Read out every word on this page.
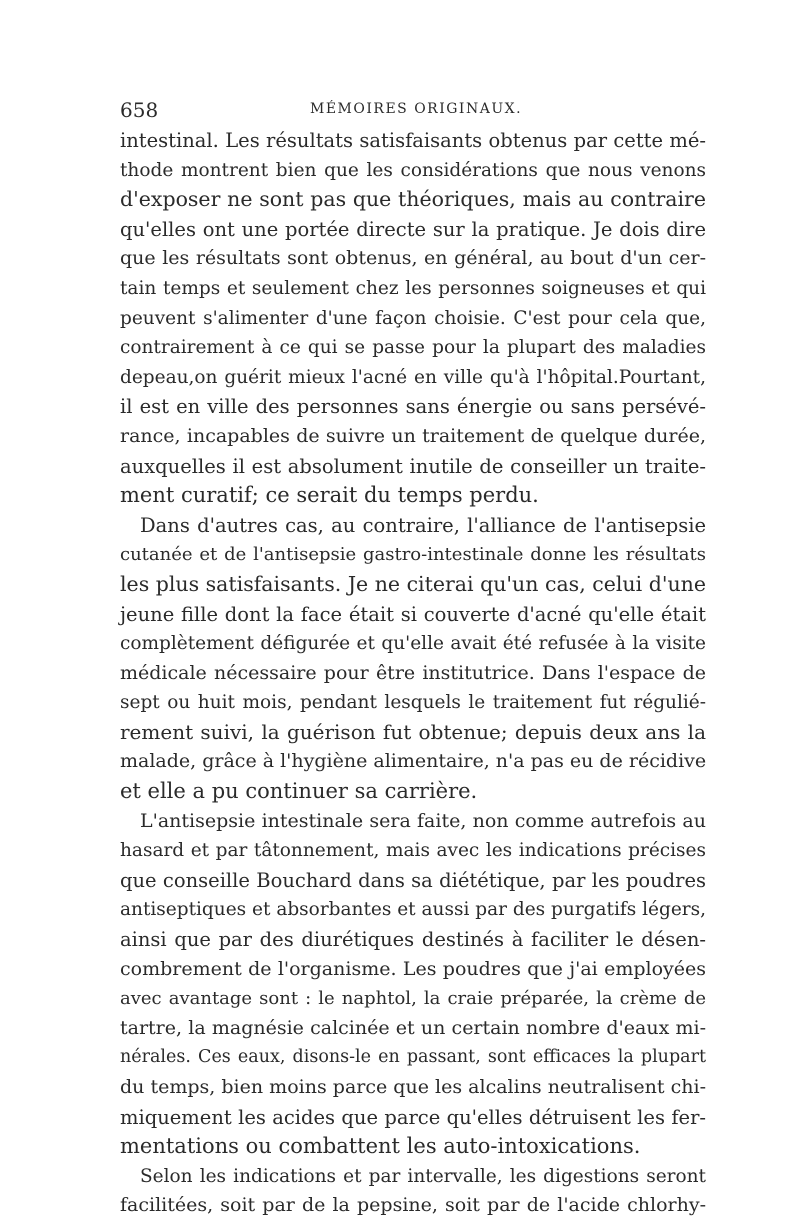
658	MÉMOIRES ORIGINAUX.
intestinal. Les résultats satisfaisants obtenus par cette mé-
thode montrent bien que les considérations que nous venons
d'exposer ne sont pas que théoriques, mais au contraire
qu'elles ont une portée directe sur la pratique. Je dois dire
que les résultats sont obtenus, en général, au bout d'un cer-
tain temps et seulement chez les personnes soigneuses et qui
peuvent s'alimenter d'une façon choisie. C'est pour cela que,
contrairement à ce qui se passe pour la plupart des maladies
depeau,on guérit mieux l'acné en ville qu'à l'hôpital.Pourtant,
il est en ville des personnes sans énergie ou sans persévé-
rance, incapables de suivre un traitement de quelque durée,
auxquelles il est absolument inutile de conseiller un traite-
ment curatif; ce serait du temps perdu.
Dans d'autres cas, au contraire, l'alliance de l'antisepsie
cutanée et de l'antisepsie gastro-intestinale donne les résultats
les plus satisfaisants. Je ne citerai qu'un cas, celui d'une
jeune fille dont la face était si couverte d'acné qu'elle était
complètement défigurée et qu'elle avait été refusée à la visite
médicale nécessaire pour être institutrice. Dans l'espace de
sept ou huit mois, pendant lesquels le traitement fut régulié-
rement suivi, la guérison fut obtenue; depuis deux ans la
malade, grâce à l'hygiène alimentaire, n'a pas eu de récidive
et elle a pu continuer sa carrière.
L'antisepsie intestinale sera faite, non comme autrefois au
hasard et par tâtonnement, mais avec les indications précises
que conseille Bouchard dans sa diététique, par les poudres
antiseptiques et absorbantes et aussi par des purgatifs légers,
ainsi que par des diurétiques destinés à faciliter le désen-
combrement de l'organisme. Les poudres que j'ai employées
avec avantage sont : le naphtol, la craie préparée, la crème de
tartre, la magnésie calcinée et un certain nombre d'eaux mi-
nérales. Ces eaux, disons-le en passant, sont efficaces la plupart
du temps, bien moins parce que les alcalins neutralisent chi-
miquement les acides que parce qu'elles détruisent les fer-
mentations ou combattent les auto-intoxications.
Selon les indications et par intervalle, les digestions seront
facilitées, soit par de la pepsine, soit par de l'acide chlorhy-
